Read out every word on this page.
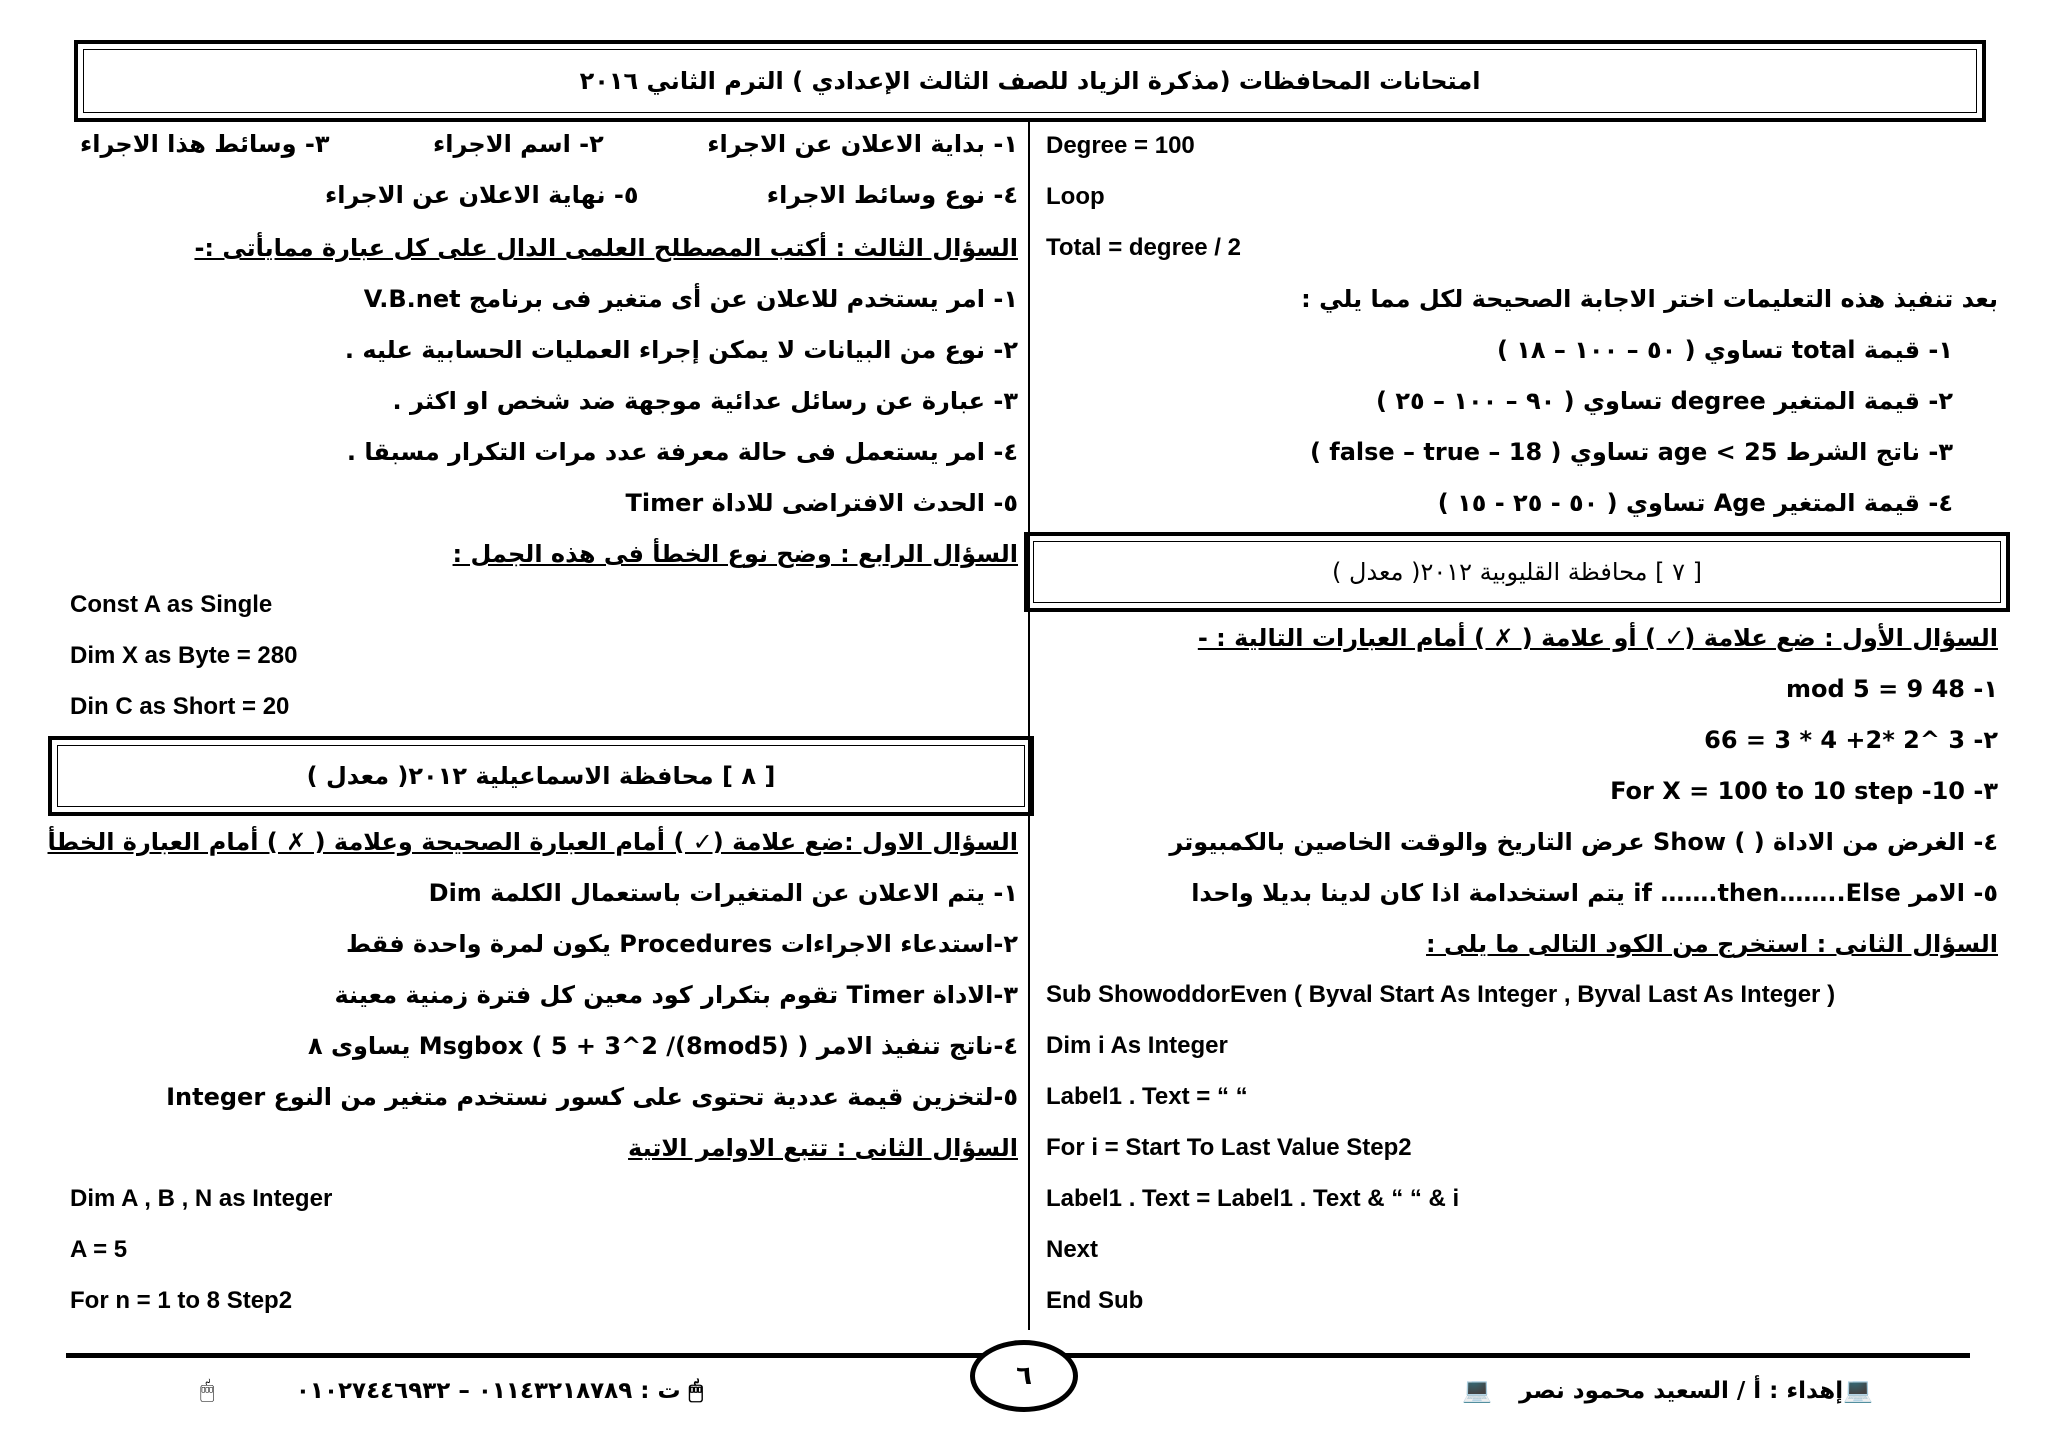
امتحانات المحافظات (مذكرة الزياد للصف الثالث الإعدادي ) الترم الثاني ٢٠١٦
Degree = 100
Loop
Total = degree / 2
بعد تنفيذ هذه التعليمات اختر الاجابة الصحيحة لكل مما يلي :
١- قيمة total تساوي ( ٥٠ – ١٠٠ – ١٨ )
٢- قيمة المتغير degree تساوي ( ٩٠ – ١٠٠ – ٢٥ )
٣- ناتج الشرط age < 25 تساوي ( false – true – 18 )
٤- قيمة المتغير Age تساوي ( ٥٠ - ٢٥ - ١٥ )
[ ٧ ] محافظة القليوبية ٢٠١٢( معدل )
السؤال الأول : ضع علامة (✓ ) أو علامة ( ✗ ) أمام العبارات التالية : -
١- 48 mod 5 = 9
٢- 3 ^2 *2+ 4 * 3 = 66
٣- For X = 100 to 10 step -10
٤- الغرض من الاداة ( ) Show عرض التاريخ والوقت الخاصين بالكمبيوتر
٥- الامر if …….then……..Else يتم استخدامة اذا كان لدينا بديلا واحدا
السؤال الثانى : استخرج من الكود التالى ما يلى :
Sub ShowoddorEven ( Byval Start As Integer , Byval Last As Integer )
Dim i As Integer
Label1 . Text = “ “
For i = Start To Last Value Step2
Label1 . Text = Label1 . Text & “ “ & i
Next
End Sub
١- بداية الاعلان عن الاجراء
٢- اسم الاجراء
٣- وسائط هذا الاجراء
٤- نوع وسائط الاجراء
٥- نهاية الاعلان عن الاجراء
السؤال الثالث : أكتب المصطلح العلمى الدال على كل عبارة ممايأتى :-
١- امر يستخدم للاعلان عن أى متغير فى برنامج V.B.net
٢- نوع من البيانات لا يمكن إجراء العمليات الحسابية عليه .
٣- عبارة عن رسائل عدائية موجهة ضد شخص او اكثر .
٤- امر يستعمل فى حالة معرفة عدد مرات التكرار مسبقا .
٥- الحدث الافتراضى للاداة Timer
السؤال الرابع : وضح نوع الخطأ فى هذه الجمل :
Const A as Single
Dim X as Byte = 280
Din C as Short = 20
[ ٨ ] محافظة الاسماعيلية ٢٠١٢( معدل )
السؤال الاول :ضع علامة (✓ ) أمام العبارة الصحيحة وعلامة ( ✗ ) أمام العبارة الخطأ
١- يتم الاعلان عن المتغيرات باستعمال الكلمة Dim
٢-استدعاء الاجراءات Procedures يكون لمرة واحدة فقط
٣-الاداة Timer تقوم بتكرار كود معين كل فترة زمنية معينة
٤-ناتج تنفيذ الامر ( Msgbox ( 5 + 3^2 /(8mod5) يساوى ٨
٥-لتخزين قيمة عددية تحتوى على كسور نستخدم متغير من النوع Integer
السؤال الثانى : تتبع الاوامر الاتية
Dim A , B , N as Integer
A = 5
For n = 1 to 8 Step2
٦	💻إهداء : أ / السعيد محمود نصر
💻
🖱 ت : ٠١١٤٣٢١٨٧٨٩ – ٠١٠٢٧٤٤٦٩٣٢
🖱
